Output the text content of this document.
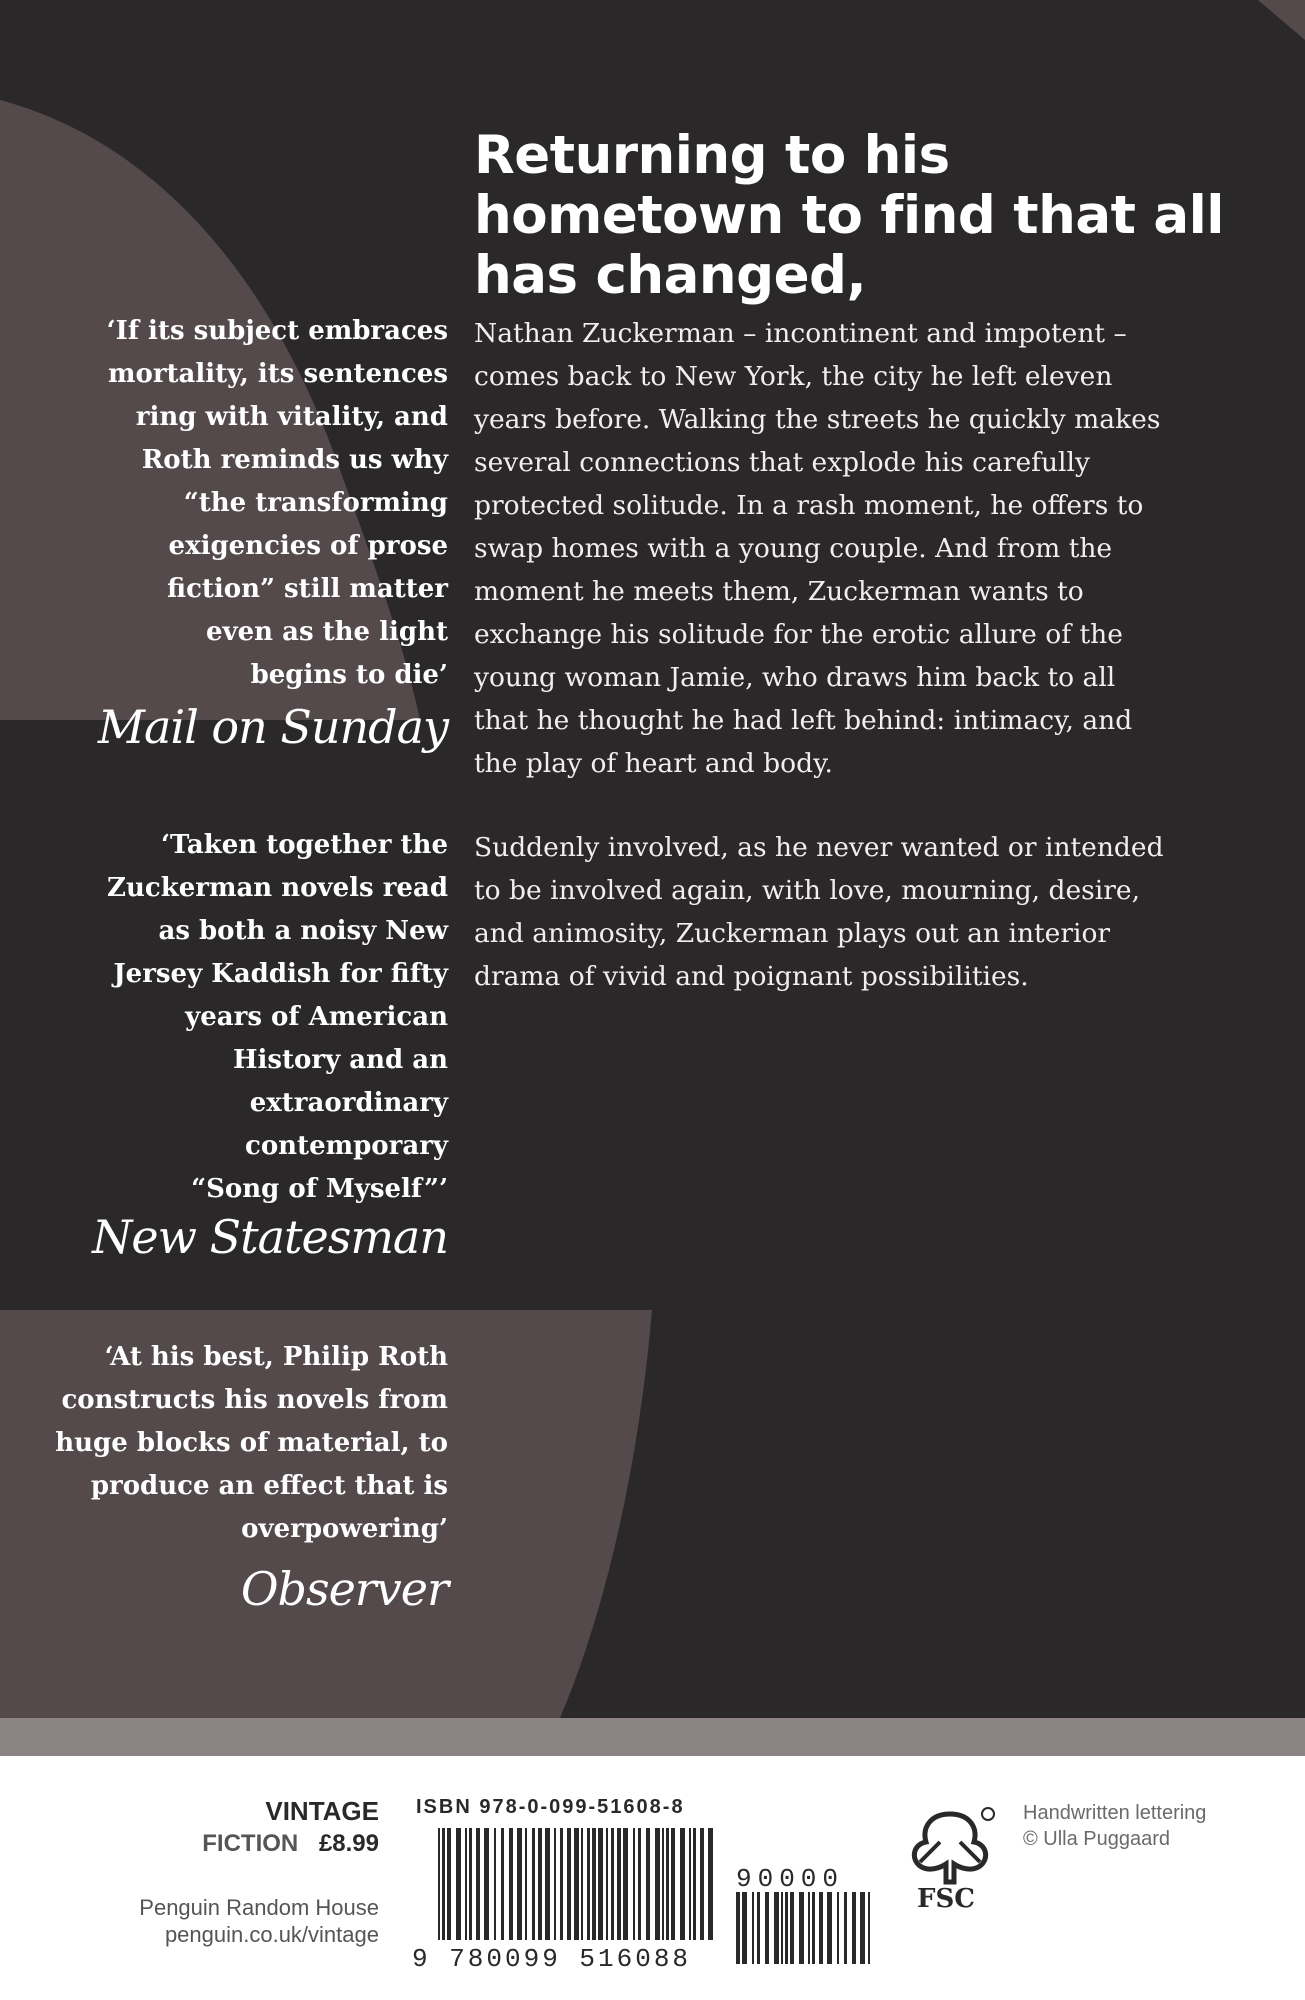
Returning to his hometown to find that all has changed,

Nathan Zuckerman – incontinent and impotent –
comes back to New York, the city he left eleven
years before. Walking the streets he quickly makes
several connections that explode his carefully
protected solitude. In a rash moment, he offers to
swap homes with a young couple. And from the
moment he meets them, Zuckerman wants to
exchange his solitude for the erotic allure of the
young woman Jamie, who draws him back to all
that he thought he had left behind: intimacy, and
the play of heart and body.

Suddenly involved, as he never wanted or intended
to be involved again, with love, mourning, desire,
and animosity, Zuckerman plays out an interior
drama of vivid and poignant possibilities.

‘If its subject embraces
mortality, its sentences
ring with vitality, and
Roth reminds us why
“the transforming
exigencies of prose
fiction” still matter
even as the light
begins to die’

Mail on Sunday

‘Taken together the
Zuckerman novels read
as both a noisy New
Jersey Kaddish for fifty
years of American
History and an
extraordinary
contemporary
“Song of Myself”’

New Statesman

‘At his best, Philip Roth
constructs his novels from
huge blocks of material, to
produce an effect that is
overpowering’

Observer
VINTAGE
FICTION £8.99
Penguin Random House
penguin.co.uk/vintage
ISBN 978-0-099-51608-8
9 780099 516088
90000
FSC
Handwritten lettering
© Ulla Puggaard
